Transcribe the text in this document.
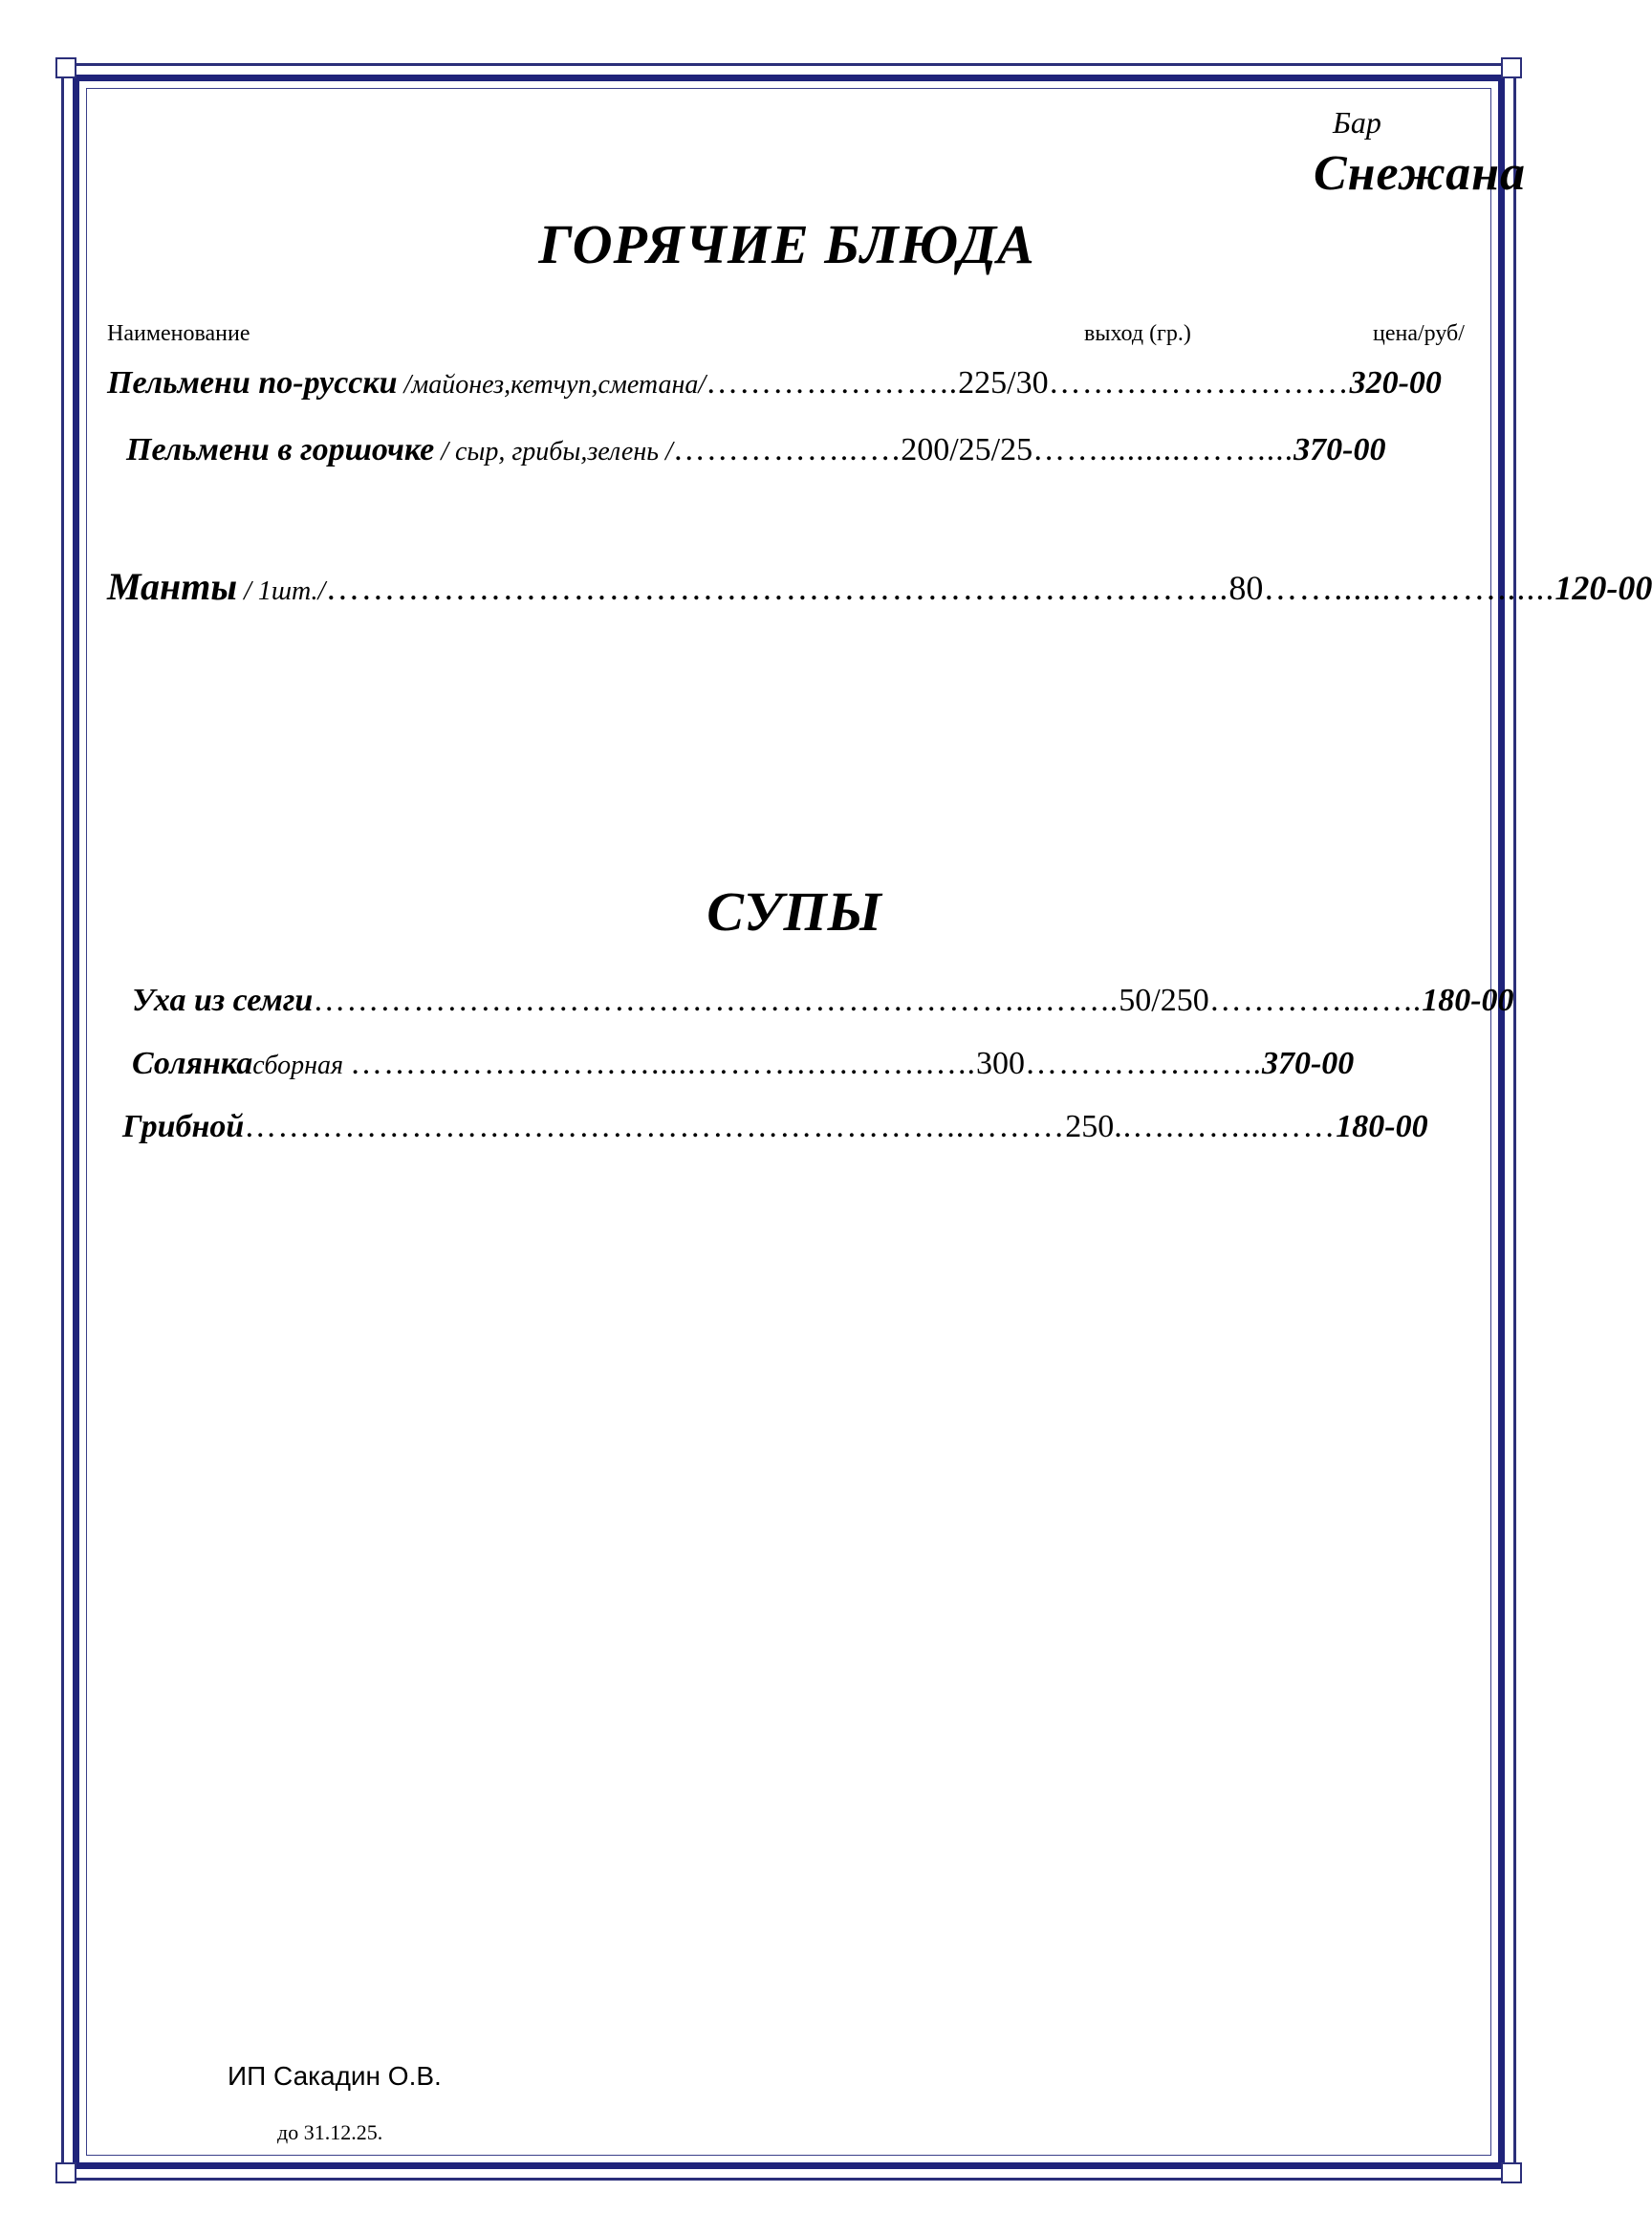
Бар
Снежана
ГОРЯЧИЕ БЛЮДА
Наименование	выход (гр.)	цена/руб/
Пельмени по-русски /майонез,кетчуп,сметана/…………………..225/30………………………320-00
Пельмени в горшочке / сыр, грибы,зелень /……………..….200/25/25……..........……....370-00
Манты / 1шт./…………………………………………………………………..80……......………......120-00
СУПЫ
Уха из семги………………………………………………………..……..50/250…………...…..180-00
Солянкасборная ……………………….....……….….…….…..300……………..…..370-00
Грибной………………………………………………………..………250..….……...……180-00
ИП Сакадин О.В.
до 31.12.25.
